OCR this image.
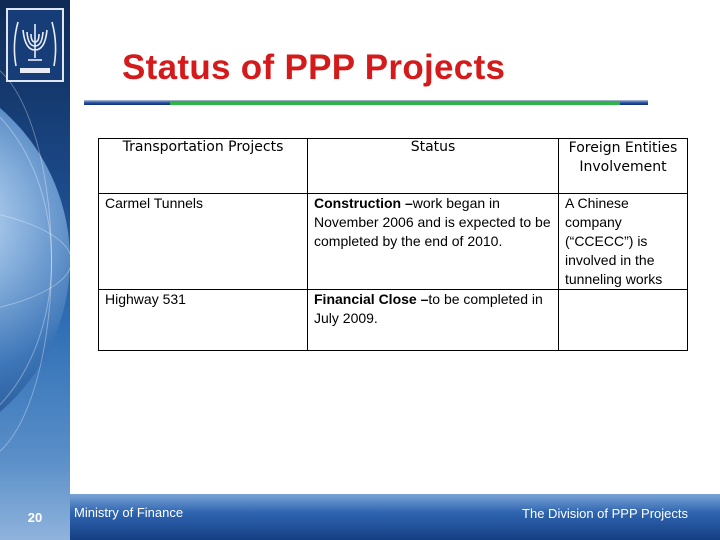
Status of PPP Projects
Transportation Projects	Status	Foreign Entities Involvement
Carmel Tunnels	Construction –work began in November 2006 and is expected to be completed by the end of 2010.	A Chinese company (“CCECC”) is involved in the tunneling works
Highway 531	Financial Close –to be completed in July 2009.	
20	Ministry of Finance	The Division of PPP Projects
